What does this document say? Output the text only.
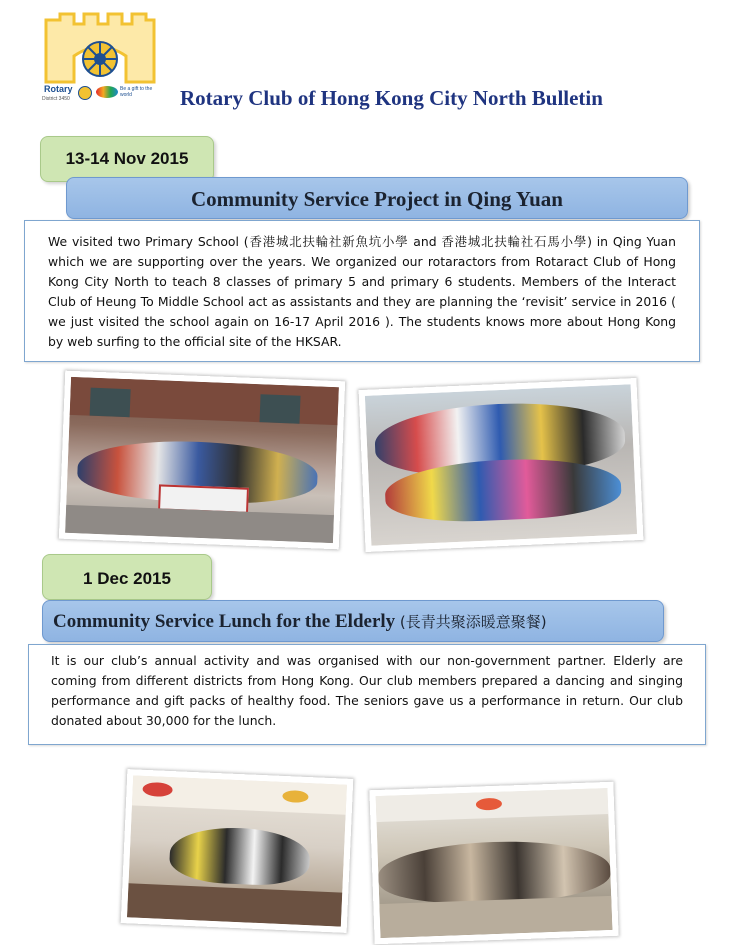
Rotary
District 3450
Be a gift to the world	Rotary Club of Hong Kong City North Bulletin
13-14 Nov 2015
Community Service Project in Qing Yuan
We visited two Primary School (香港城北扶輪社新魚坑小學 and 香港城北扶輪社石馬小學) in Qing Yuan which we are supporting over the years. We organized our rotaractors from Rotaract Club of Hong Kong City North to teach 8 classes of primary 5 and primary 6 students. Members of the Interact Club of Heung To Middle School act as assistants and they are planning the ‘revisit’ service in 2016 ( we just visited the school again on 16-17 April 2016 ). The students knows more about Hong Kong by web surfing to the official site of the HKSAR.
1 Dec 2015
Community Service Lunch for the Elderly (長青共聚添暖意聚餐)
It is our club’s annual activity and was organised with our non-government partner. Elderly are coming from different districts from Hong Kong. Our club members prepared a dancing and singing performance and gift packs of healthy food. The seniors gave us a performance in return. Our club donated about 30,000 for the lunch.
